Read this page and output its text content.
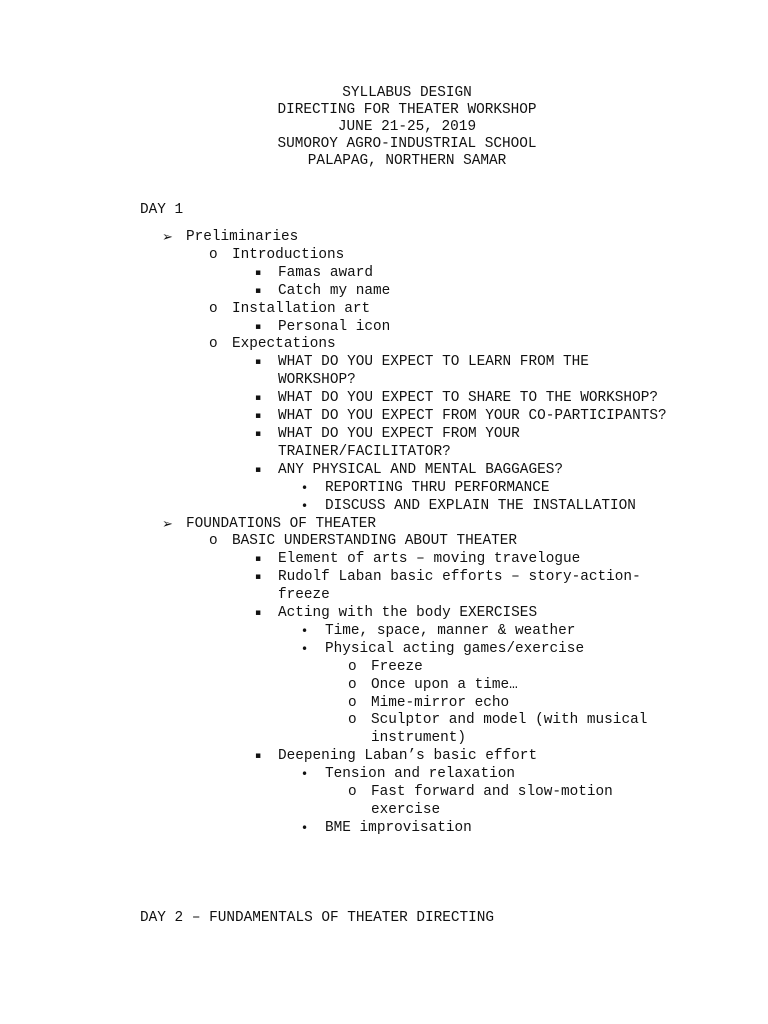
SYLLABUS DESIGN
DIRECTING FOR THEATER WORKSHOP
JUNE 21-25, 2019
SUMOROY AGRO-INDUSTRIAL SCHOOL
PALAPAG, NORTHERN SAMAR
DAY 1
➢ Preliminaries
o Introductions
▪ Famas award
▪ Catch my name
o Installation art
▪ Personal icon
o Expectations
▪ WHAT DO YOU EXPECT TO LEARN FROM THE WORKSHOP?
▪ WHAT DO YOU EXPECT TO SHARE TO THE WORKSHOP?
▪ WHAT DO YOU EXPECT FROM YOUR CO-PARTICIPANTS?
▪ WHAT DO YOU EXPECT FROM YOUR TRAINER/FACILITATOR?
▪ ANY PHYSICAL AND MENTAL BAGGAGES?
• REPORTING THRU PERFORMANCE
• DISCUSS AND EXPLAIN THE INSTALLATION
➢ FOUNDATIONS OF THEATER
o BASIC UNDERSTANDING ABOUT THEATER
▪ Element of arts – moving travelogue
▪ Rudolf Laban basic efforts – story-action-freeze
▪ Acting with the body EXERCISES
• Time, space, manner & weather
• Physical acting games/exercise
o Freeze
o Once upon a time…
o Mime-mirror echo
o Sculptor and model (with musical instrument)
▪ Deepening Laban’s basic effort
• Tension and relaxation
o Fast forward and slow-motion exercise
• BME improvisation
DAY 2 – FUNDAMENTALS OF THEATER DIRECTING
